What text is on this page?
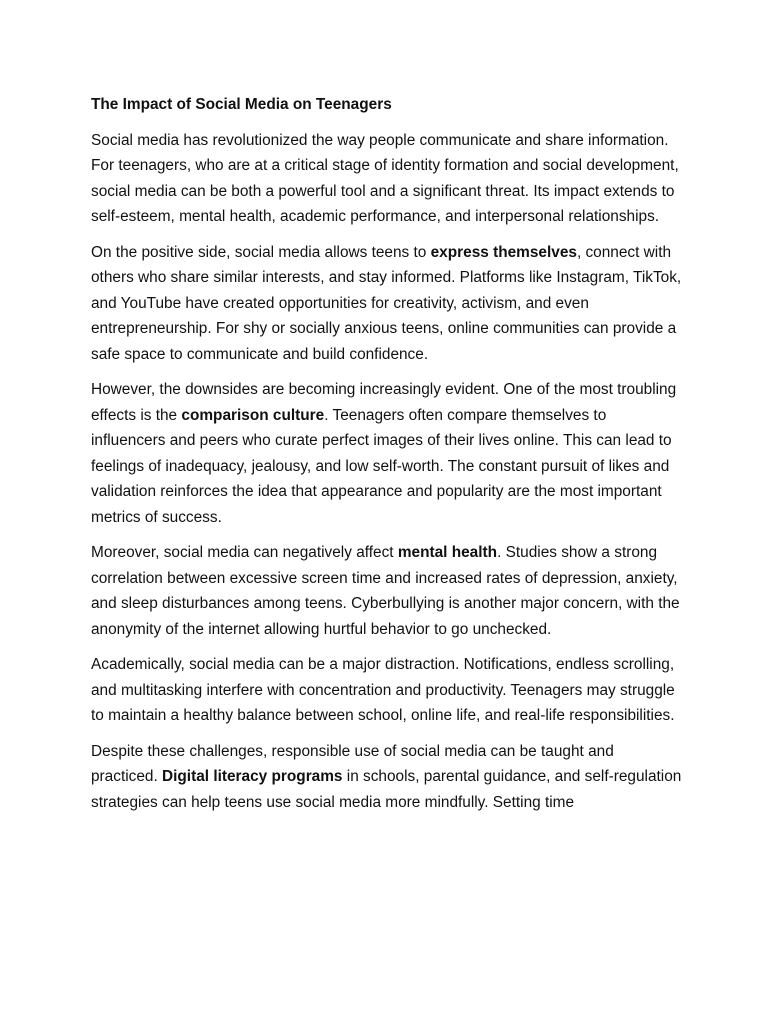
The Impact of Social Media on Teenagers

Social media has revolutionized the way people communicate and share information. For teenagers, who are at a critical stage of identity formation and social development, social media can be both a powerful tool and a significant threat. Its impact extends to self-esteem, mental health, academic performance, and interpersonal relationships.

On the positive side, social media allows teens to express themselves, connect with others who share similar interests, and stay informed. Platforms like Instagram, TikTok, and YouTube have created opportunities for creativity, activism, and even entrepreneurship. For shy or socially anxious teens, online communities can provide a safe space to communicate and build confidence.

However, the downsides are becoming increasingly evident. One of the most troubling effects is the comparison culture. Teenagers often compare themselves to influencers and peers who curate perfect images of their lives online. This can lead to feelings of inadequacy, jealousy, and low self-worth. The constant pursuit of likes and validation reinforces the idea that appearance and popularity are the most important metrics of success.

Moreover, social media can negatively affect mental health. Studies show a strong correlation between excessive screen time and increased rates of depression, anxiety, and sleep disturbances among teens. Cyberbullying is another major concern, with the anonymity of the internet allowing hurtful behavior to go unchecked.

Academically, social media can be a major distraction. Notifications, endless scrolling, and multitasking interfere with concentration and productivity. Teenagers may struggle to maintain a healthy balance between school, online life, and real-life responsibilities.

Despite these challenges, responsible use of social media can be taught and practiced. Digital literacy programs in schools, parental guidance, and self-regulation strategies can help teens use social media more mindfully. Setting time
